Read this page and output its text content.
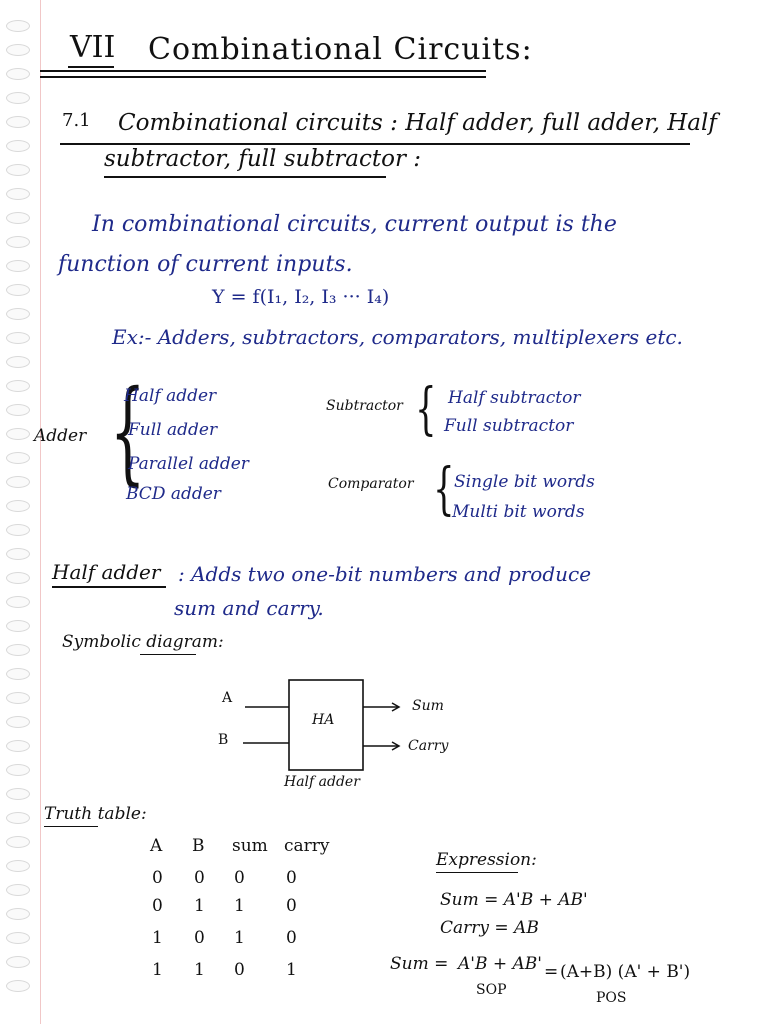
VII Combinational Circuits:
7.1 Combinational circuits : Half adder, full adder, Half
subtractor, full subtractor :
In combinational circuits, current output is the
function of current inputs.
Y = f(I₁, I₂, I₃ ··· I₄)
Ex:- Adders, subtractors, comparators, multiplexers etc.
Adder {
Half adder
Full adder
Parallel adder
BCD adder
Subtractor { Half subtractor
Full subtractor
Comparator { Single bit words
Multi bit words
Half adder : Adds two one-bit numbers and produce
sum and carry.
Symbolic diagram:
A
B
HA
Sum
Carry
Half adder
Truth table:
A B sum carry
0 0 0 0
0 1 1 0
1 0 1 0
1 1 0 1
Expression:
Sum = A'B + AB'
Carry = AB
Sum = A'B + AB' = (A+B) (A' + B')
SOP	POS
